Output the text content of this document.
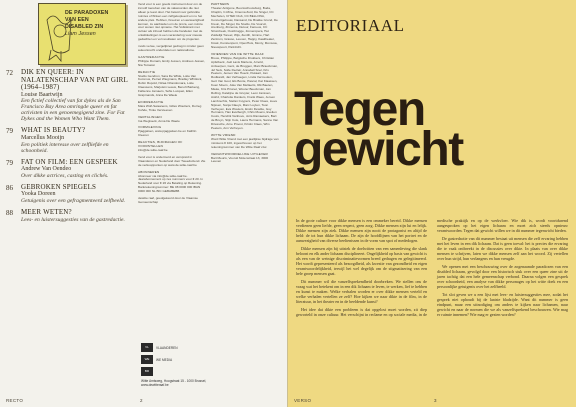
DE PARADOXEN
VAN EEN
DISABLED ZIN
Liam Jessen
72	DIK EN QUEER: IN NALATENSCHAP VAN PAT GIRL (1964–1987)
Louise Baartwijn
Een fictief collectief van fat dykes als de San Francisco Bay Area omringde queer en fat activisten in een genoemegigend zine. For Fat Dykes and the Women Who Want Them.
79	WHAT IS BEAUTY?
Marcellus Mooijn
Een politiek interesse over zelfliefde en schoonheid.
79	FAT ON FILM: EEN GESPEEK
Andrew Van Oendeo
Over dikke actrices, casting en clichés.
86	GEBROKEN SPIEGELS
Yooka Doreen
Getuigenis over een gefragmenteerd zelfbeeld.
88	MEER WETEN?
Lees- en luistersuggesties van de gastredactie.
Vend voor is een goeds instrument door om de inmotif toereben van de vakwoorden die niet alleen je leest door. Het beleid voor gebruikte ruimtes of flinken een zelfgekopieerd en nu het andere plek. Hebben, Kreeiren en aanwezigheid kennen, ze aanbieden om de proza, een ruimte voor wonen niet opname. Het Volkskrant met cultuur als inhoud hebben die handelen met de ontwikkelingen is een verandering voor nieuwe gedachten en vol resultaten om de projecten.
mods verwe, vergelijknet gedrag in minder geen auteursrecht onderdelen en nationalisme.
GASTREDACTIE
Philippe Dumain, Emily Jessen, Andrees Jessen, Nia Tomassi
REDACTIE
Studio Gendron, Sara De Wilde, Lotte Van Kommus, Pernet Wiegmans, Bradley Whitlock, Robin Rupold, Nizaa Orlandomara, Lotte Claessens, Marjolein Leaus, Benoît Barkeng, Fabienne Jamaers, Sofie Lucquet, Ellen Grapmands, Anna De Waele
EINDREDACTIE
Mara Wolf-Swaanens, Gilles Woutters, Dorreg Kuhde, Tinke Versteeven
VERTALINGEN
Ina Wegtseck, Anna De Waele
VORMGEVING
Pjaggalsen, www.pjaggalsen.be en Kathlin Cleeren
REACTIES, BIJDRAGEN OF VOORSTELLEN
info@de-witte-raaf.be
Vend voor is ondermerd en verspreid in Vlaanderen en Nederland door Tweeduizend. Zie de verkooppunten op www.de-witte-raaf.be
ABONNEREN
Abonneer via info@de-witte-raaf.be. Jaarabonnement op zes nummers voor € 20. In Nederland voor € 26 via Betaling op Rekening. Bankrekeningnummer: BE 08 0000 000 IBAN 0000 000 NL BIC GEBABEBB
dewitte raaf, goedgekeurd door de Vlaamse Gemeenschap
PARTNERS
Theater Antigone, Beursschouwburg, Buda, Chaplin, C-Mine, Cinema Zuid, De Singel, CC Mechelen, CITED Club, CC BELLONA, Concertgebouw, Dansand, De Brakke Grond, De Kreun, De Singel, De Studio, De Vooruit, Arenberg, Zinnema, Detour, Fameus, CC Strombeek, Oostbrugge, Zomeropera, Het Zuidelijk Toneel, Wijs, Zenith, Gimme, Hart Zentrum, Grasso, Leuven, Happy, Kaaitheater, Kiosk, Kunstenpunt, OpenHuis, Monty, Momusa, Nieuwpoort, Parkzicht.
VRIENDEN VAN DE WITTE RAAF
Broos, Philippe, Belgische Drukkers, Christian Apfelbeck, Joël Lavis Martens, Arnold, Antwerpen, Gent, de Bruggen, Marc Braeckman, Jef Sels, Sofie Decleir, Annabell Snel, Kris Peeters, Jeroen Van Hoeck, Pekaart, Jan Rodkandt, Jan Verhaegen, Linda Vermeulen, Gert Van Gool, Els Bonte, Pascal, Kat Klaassen, Koen Moers, Joke Van Mellaerts, Rik Baeten, Mieke, Kris Pironet, Wouter Beeckman, Jan Rolling, Katelijne de Gruyter, Leon Janssen, Astrid, Charlotte Dankers, Frank Waes, Jeroen Lambrechts, Stefan Cuypers, Peter Claes, Lieve Nijssen, Sonja Claeys, Marc Luyten, Toon Verheyen, Eva Wouters, Erwin Dewitte, Guy Hermans, Han Evelbergh, Chris Moens, Evelien Cools, Hendrik Vanhove, Joris Ramaekers, Bart de Bruyn, Stijn Cole, Laura Hermans, Sanne Van Driessche, Arne Proost, Kristin Claes, Wim Peeters, Ann Verheyen.
WITTE VRIEND
Word Witte Vriend met een jaarlijkse bijdrage van minstens € 100, ingeschreven op het rekeningnummer van De Witte Raaf vzw.
VERANTWOORDELIJKE UITGEVER
Bart Meuris, Vooruit Molenstraat 13, 3000 Leuven
VL	VLAANDEREN
WE	WE MEDIA
BR
Witte Amtsweg, Hoogstraat 15 - 1000 Brussel, www.dewitteraaf.be
RECTO	2
EDITORIAAL
Tegen
gewicht

In de grote culture voor dikke mensen is een ommeker bereid. Dikke mensen verdienen geen liefde, geen respect, geen zorg. Dikke mensen zijn lui en lelijk. Dikke mensen zijn ziek. Dikke mensen zijn nooit de protagonist en altijd de held: de tot hun dikke lichaam. De zijn de hoofdlijnen van het portret en de aanwezigheid van diverse beeltenissen in de vorm van spot of mededogen.

Dikke mensen zijn bij uitstek de doelwitten van een samenleving die slank beloont en elk ander lichaam disciplineert. Ongelijkheid op basis van gewicht is als een van de weinige discriminatievormen breed gedragen en gelegitimeerd. Het wordt gepresenteerd als bezorgdheid, als kwestie van gezondheid en eigen verantwoordelijkheid, terwijl het wel degelijk om de stigmatisering van een hele groep mensen gaat.

Dit nummer wil die vanzelfsprekendheid doorbreken. We stellen ons de vraag wat het betekent om in een dik lichaam te leven, te werken, lief te hebben en kunst te maken. Welke verhalen worden er over dikke mensen verteld en welke verhalen vertellen ze zelf? Hoe kijken we naar dikte in de film, in de literatuur, in het theater en in de beeldende kunst?

Het idee dat dikte een probleem is dat opgelost moet worden, zit diep geworteld in onze cultuur. Het verschijnt in reclame en op sociale media, in de medische praktijk en op de werkvloer. Wie dik is, wordt voortdurend aangesproken op het eigen lichaam en moet zich steeds opnieuw verantwoorden. Tegen dat gewicht willen we in dit nummer tegenwicht bieden.

De gastredactie van dit nummer bestaat uit mensen die zelf ervaring hebben met het leven in een dik lichaam. Dat is geen toeval: het is precies die ervaring die te vaak ontbreekt in de discussies over dikte. In plaats van over dikke mensen te schrijven, laten we dikke mensen zelf aan het woord. Zij vertellen over hun strijd, hun verlangens en hun vreugde.

We openen met een beschouwing over de zogenaamde paradoxen van een disabled lichaam, gevolgd door een historisch stuk over een queer zine uit de jaren tachtig dat een hele gemeenschap verbond. Daarna volgen een gesprek over schoonheid, een analyse van dikke personages op het witte doek en een persoonlijke getuigenis over het zelfbeeld.

Tot slot geven we u een lijst met lees- en luistersuggesties mee, zodat het gesprek niet ophoudt bij de laatste bladzijde. Want dit nummer is geen eindpunt, maar een uitnodiging om anders te kijken naar lichamen, naar gewicht en naar de normen die we als vanzelfsprekend beschouwen. Wie mag er ruimte innemen? Wie mag er gezien worden?

VERSO	3
